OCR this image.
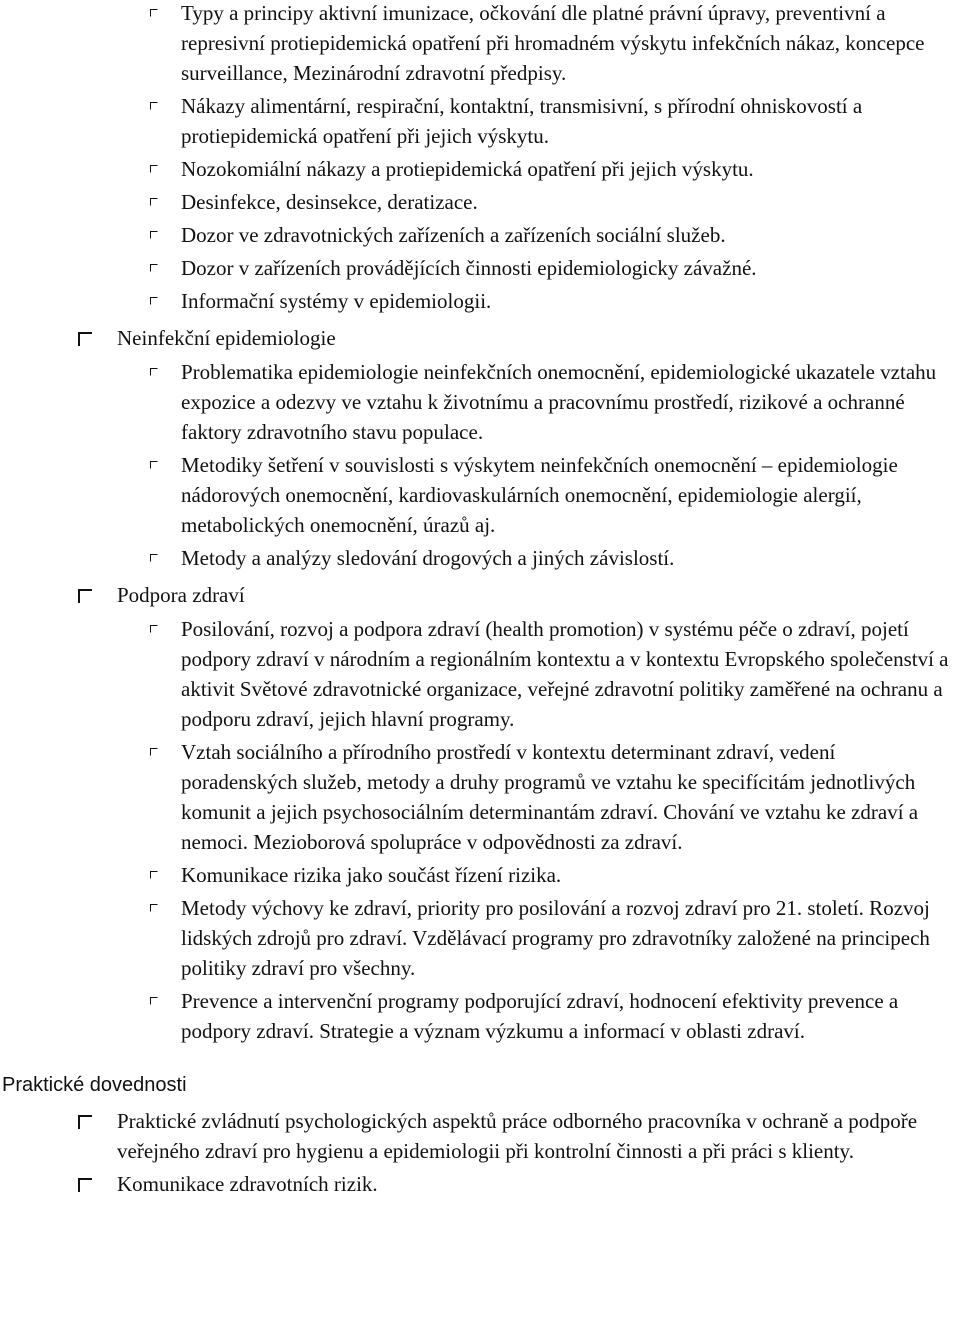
Typy a principy aktivní imunizace, očkování dle platné právní úpravy, preventivní a represivní protiepidemická opatření při hromadném výskytu infekčních nákaz, koncepce surveillance, Mezinárodní zdravotní předpisy.
Nákazy alimentární, respirační, kontaktní, transmisivní, s přírodní ohniskovostí a protiepidemická opatření při jejich výskytu.
Nozokomiální nákazy a protiepidemická opatření při jejich výskytu.
Desinfekce, desinsekce, deratizace.
Dozor ve zdravotnických zařízeních a zařízeních sociální služeb.
Dozor v zařízeních provádějících činnosti epidemiologicky závažné.
Informační systémy v epidemiologii.
Neinfekční epidemiologie
Problematika epidemiologie neinfekčních onemocnění, epidemiologické ukazatele vztahu expozice a odezvy ve vztahu k životnímu a pracovnímu prostředí, rizikové a ochranné faktory zdravotního stavu populace.
Metodiky šetření v souvislosti s výskytem neinfekčních onemocnění – epidemiologie nádorových onemocnění, kardiovaskulárních onemocnění, epidemiologie alergií, metabolických onemocnění, úrazů aj.
Metody a analýzy sledování drogových a jiných závislostí.
Podpora zdraví
Posilování, rozvoj a podpora zdraví (health promotion) v systému péče o zdraví, pojetí podpory zdraví v národním a regionálním kontextu a v kontextu Evropského společenství a aktivit Světové zdravotnické organizace, veřejné zdravotní politiky zaměřené na ochranu a podporu zdraví, jejich hlavní programy.
Vztah sociálního a přírodního prostředí v kontextu determinant zdraví, vedení poradenských služeb, metody a druhy programů ve vztahu ke specifícitám jednotlivých komunit a jejich psychosociálním determinantám zdraví. Chování ve vztahu ke zdraví a nemoci. Mezioborová spolupráce v odpovědnosti za zdraví.
Komunikace rizika jako součást řízení rizika.
Metody výchovy ke zdraví, priority pro posilování a rozvoj zdraví pro 21. století. Rozvoj lidských zdrojů pro zdraví. Vzdělávací programy pro zdravotníky založené na principech politiky zdraví pro všechny.
Prevence a intervenční programy podporující zdraví, hodnocení efektivity prevence a podpory zdraví. Strategie a význam výzkumu a informací v oblasti zdraví.
Praktické dovednosti
Praktické zvládnutí psychologických aspektů práce odborného pracovníka v ochraně a podpoře veřejného zdraví pro hygienu a epidemiologii při kontrolní činnosti a při práci s klienty.
Komunikace zdravotních rizik.
